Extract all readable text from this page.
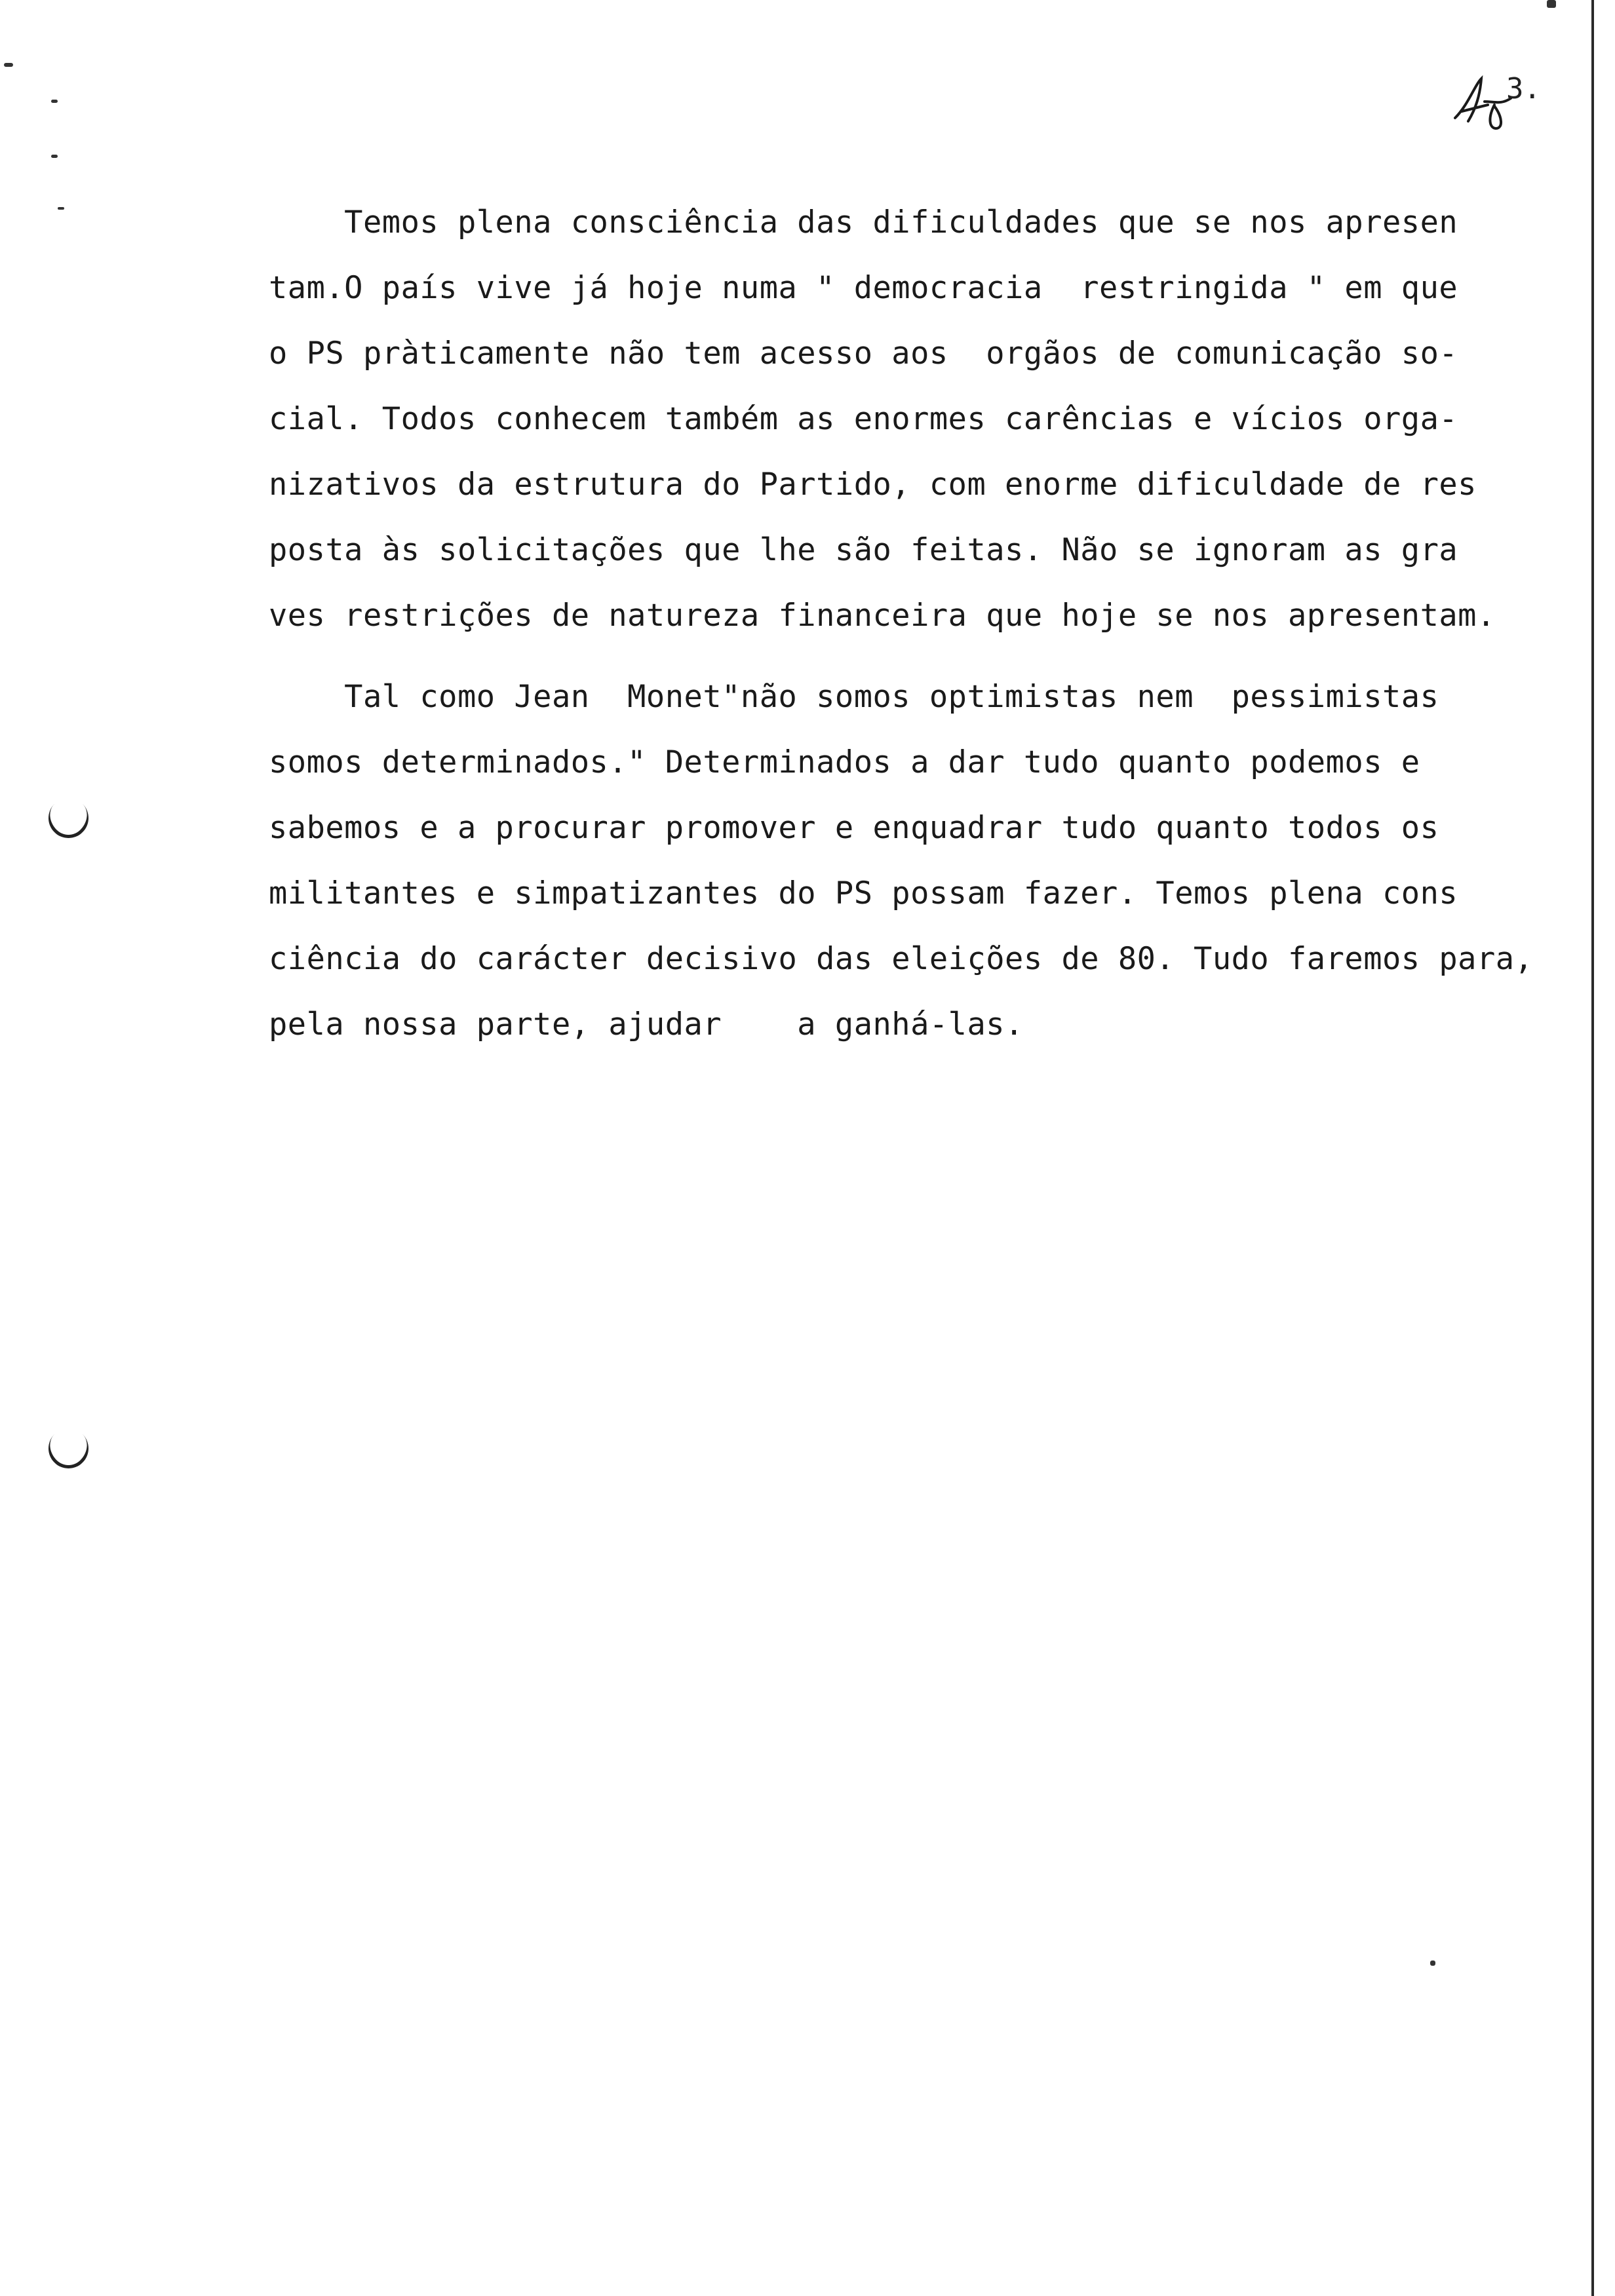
3.
Temos plena consciência das dificuldades que se nos apresen
tam.O país vive já hoje numa " democracia  restringida " em que
o PS pràticamente não tem acesso aos  orgãos de comunicação so-
cial. Todos conhecem também as enormes carências e vícios orga-
nizativos da estrutura do Partido, com enorme dificuldade de res
posta às solicitações que lhe são feitas. Não se ignoram as gra
ves restrições de natureza financeira que hoje se nos apresentam.
Tal como Jean  Monet"não somos optimistas nem  pessimistas
somos determinados." Determinados a dar tudo quanto podemos e
sabemos e a procurar promover e enquadrar tudo quanto todos os
militantes e simpatizantes do PS possam fazer. Temos plena cons
ciência do carácter decisivo das eleições de 80. Tudo faremos para,
pela nossa parte, ajudar    a ganhá-las.
